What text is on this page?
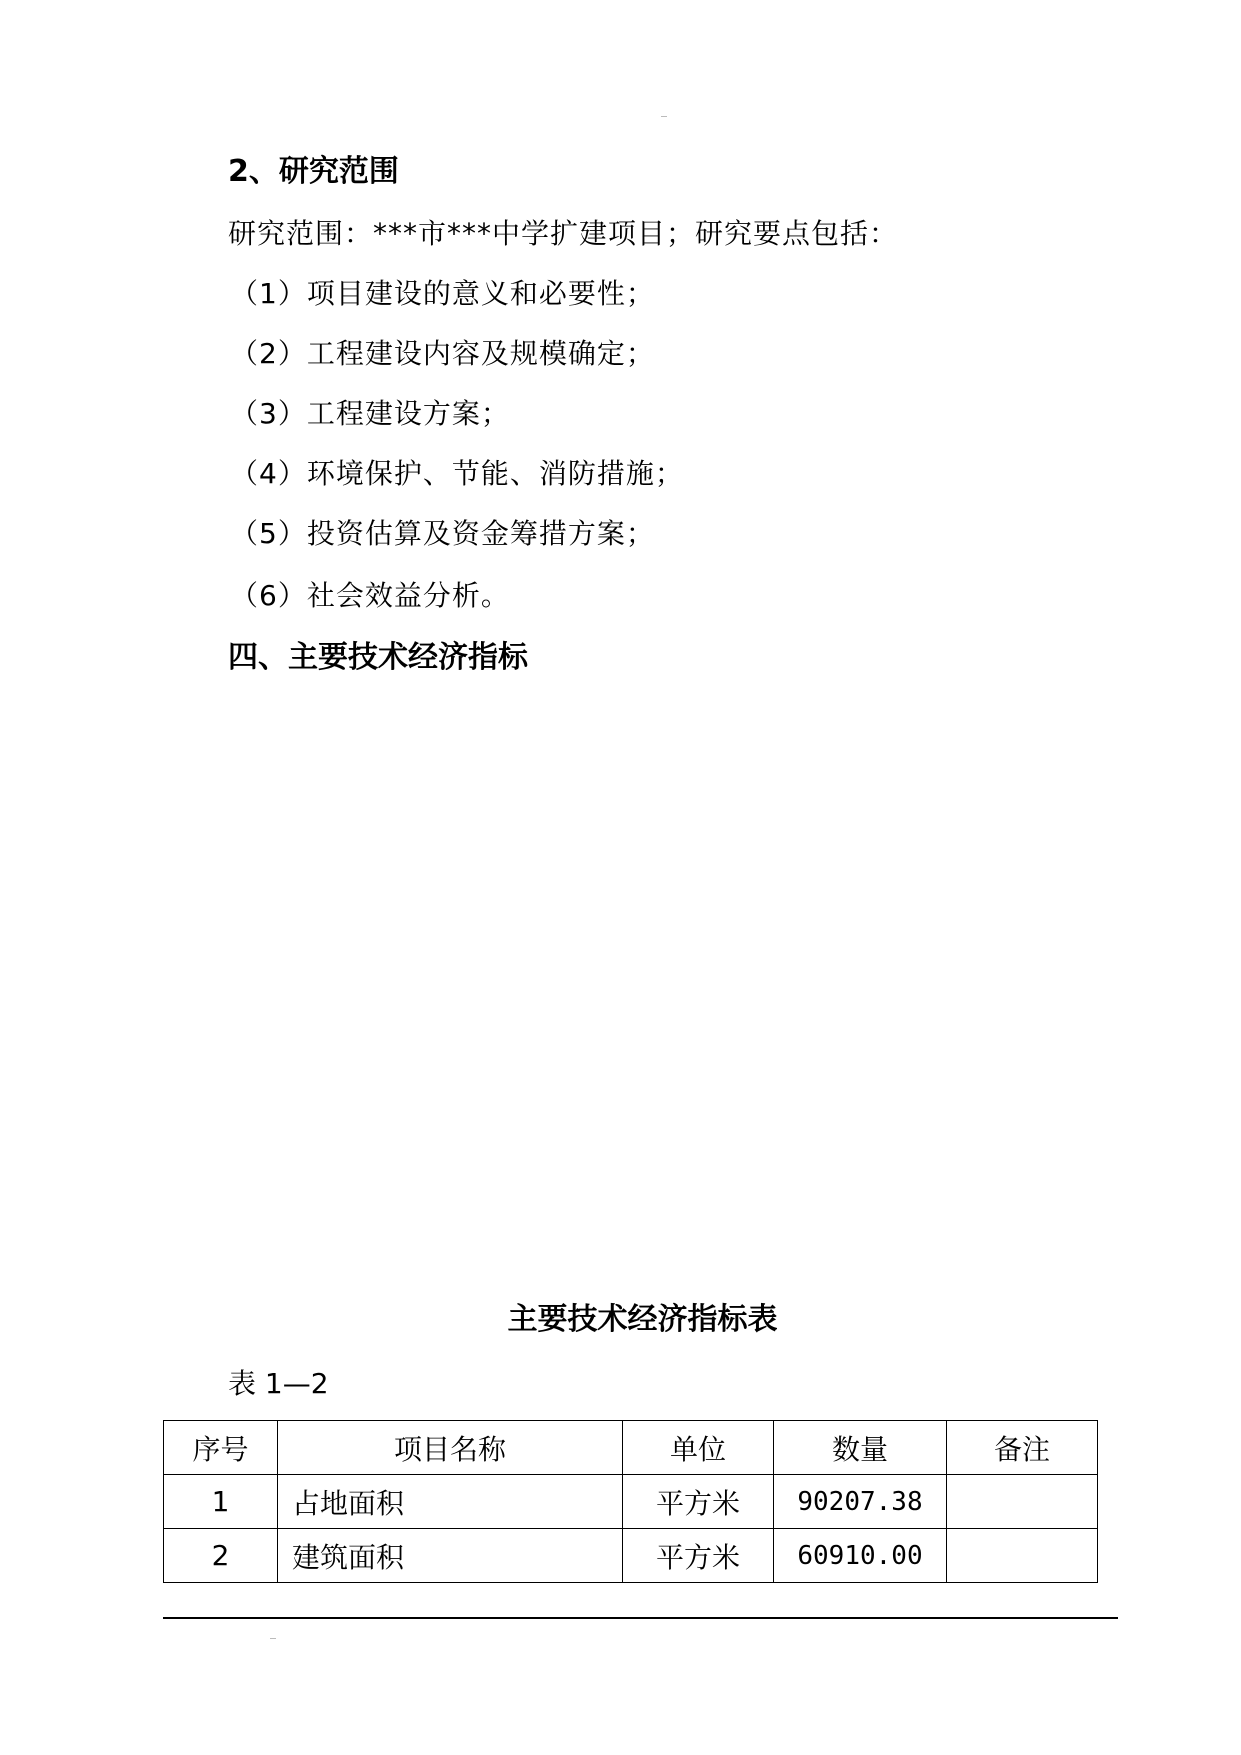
2、研究范围
研究范围：***市***中学扩建项目；研究要点包括：
（1）项目建设的意义和必要性；
（2）工程建设内容及规模确定；
（3）工程建设方案；
（4）环境保护、节能、消防措施；
（5）投资估算及资金筹措方案；
（6）社会效益分析。
四、主要技术经济指标
主要技术经济指标表
表 1—2
序号	项目名称	单位	数量	备注
1	占地面积	平方米	90207.38	
2	建筑面积	平方米	60910.00	
